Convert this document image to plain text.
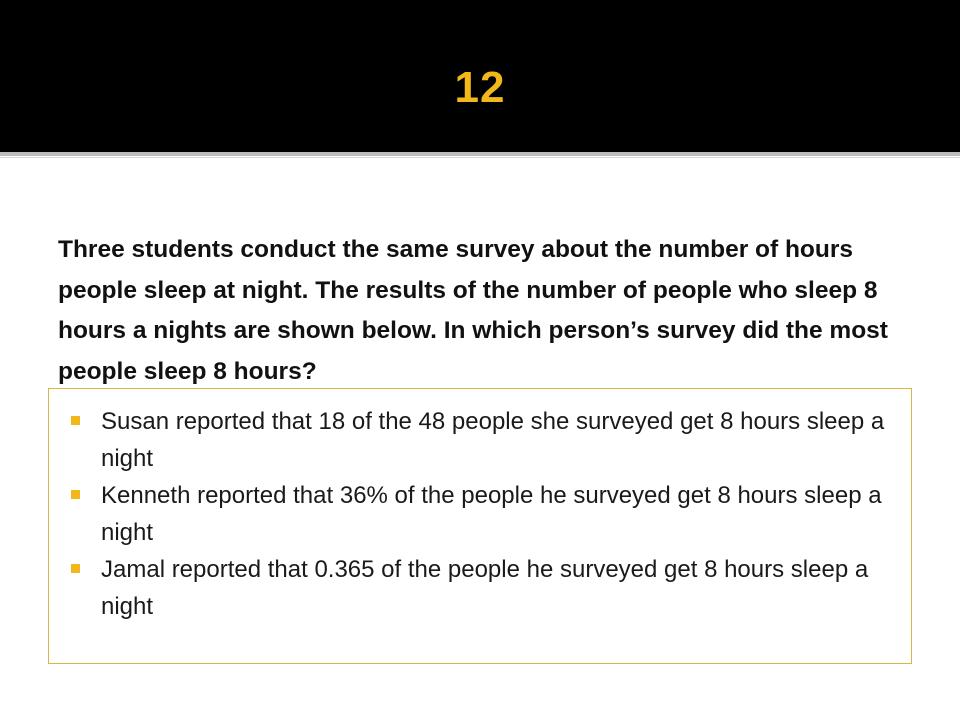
12

Three students conduct the same survey about the number of hours people sleep at night. The results of the number of people who sleep 8 hours a nights are shown below. In which person’s survey did the most people sleep 8 hours?

Susan reported that 18 of the 48 people she surveyed get 8 hours sleep a night
Kenneth reported that 36% of the people he surveyed get 8 hours sleep a night
Jamal reported that 0.365 of the people he surveyed get 8 hours sleep a night
